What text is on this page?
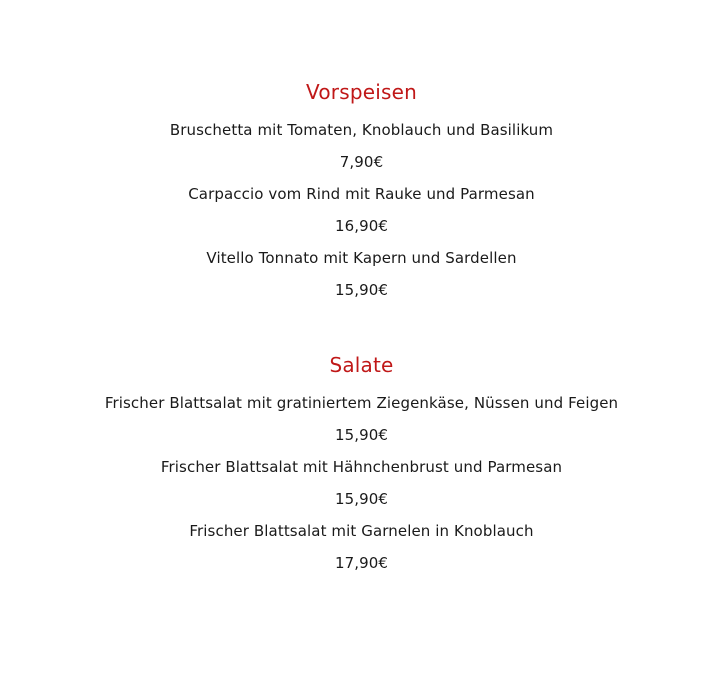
Vorspeisen

Bruschetta mit Tomaten, Knoblauch und Basilikum

7,90€

Carpaccio vom Rind mit Rauke und Parmesan

16,90€

Vitello Tonnato mit Kapern und Sardellen

15,90€

Salate

Frischer Blattsalat mit gratiniertem Ziegenkäse, Nüssen und Feigen

15,90€

Frischer Blattsalat mit Hähnchenbrust und Parmesan

15,90€

Frischer Blattsalat mit Garnelen in Knoblauch

17,90€
